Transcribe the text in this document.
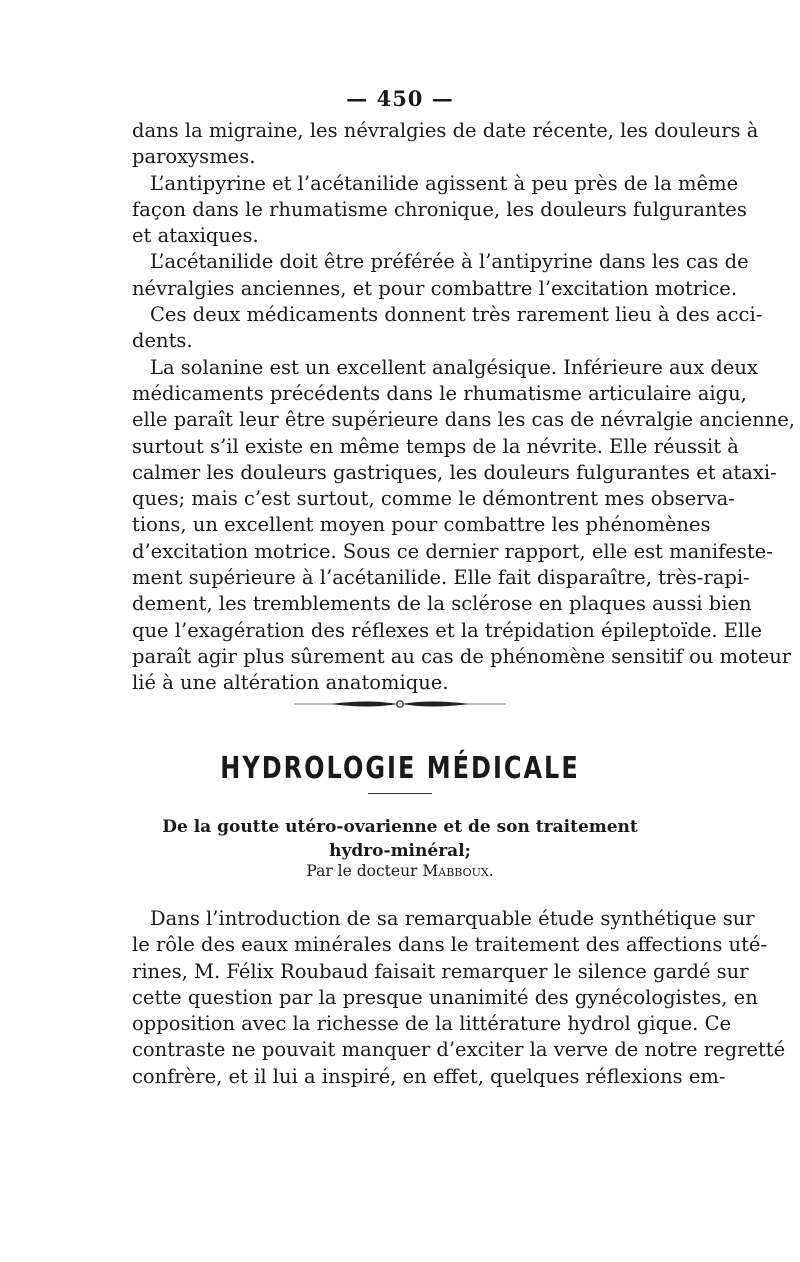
— 450 —
dans la migraine, les névralgies de date récente, les douleurs à
paroxysmes.
L’antipyrine et l’acétanilide agissent à peu près de la même
façon dans le rhumatisme chronique, les douleurs fulgurantes
et ataxiques.
L’acétanilide doit être préférée à l’antipyrine dans les cas de
névralgies anciennes, et pour combattre l’excitation motrice.
Ces deux médicaments donnent très rarement lieu à des acci-
dents.
La solanine est un excellent analgésique. Inférieure aux deux
médicaments précédents dans le rhumatisme articulaire aigu,
elle paraît leur être supérieure dans les cas de névralgie ancienne,
surtout s’il existe en même temps de la névrite. Elle réussit à
calmer les douleurs gastriques, les douleurs fulgurantes et ataxi-
ques; mais c’est surtout, comme le démontrent mes observa-
tions, un excellent moyen pour combattre les phénomènes
d’excitation motrice. Sous ce dernier rapport, elle est manifeste-
ment supérieure à l’acétanilide. Elle fait disparaître, très-rapi-
dement, les tremblements de la sclérose en plaques aussi bien
que l’exagération des réflexes et la trépidation épileptoïde. Elle
paraît agir plus sûrement au cas de phénomène sensitif ou moteur
lié à une altération anatomique.
HYDROLOGIE MÉDICALE
De la goutte utéro-ovarienne et de son traitement
hydro-minéral;
Par le docteur Mabboux.
Dans l’introduction de sa remarquable étude synthétique sur
le rôle des eaux minérales dans le traitement des affections uté-
rines, M. Félix Roubaud faisait remarquer le silence gardé sur
cette question par la presque unanimité des gynécologistes, en
opposition avec la richesse de la littérature hydrol gique. Ce
contraste ne pouvait manquer d’exciter la verve de notre regretté
confrère, et il lui a inspiré, en effet, quelques réflexions em-
